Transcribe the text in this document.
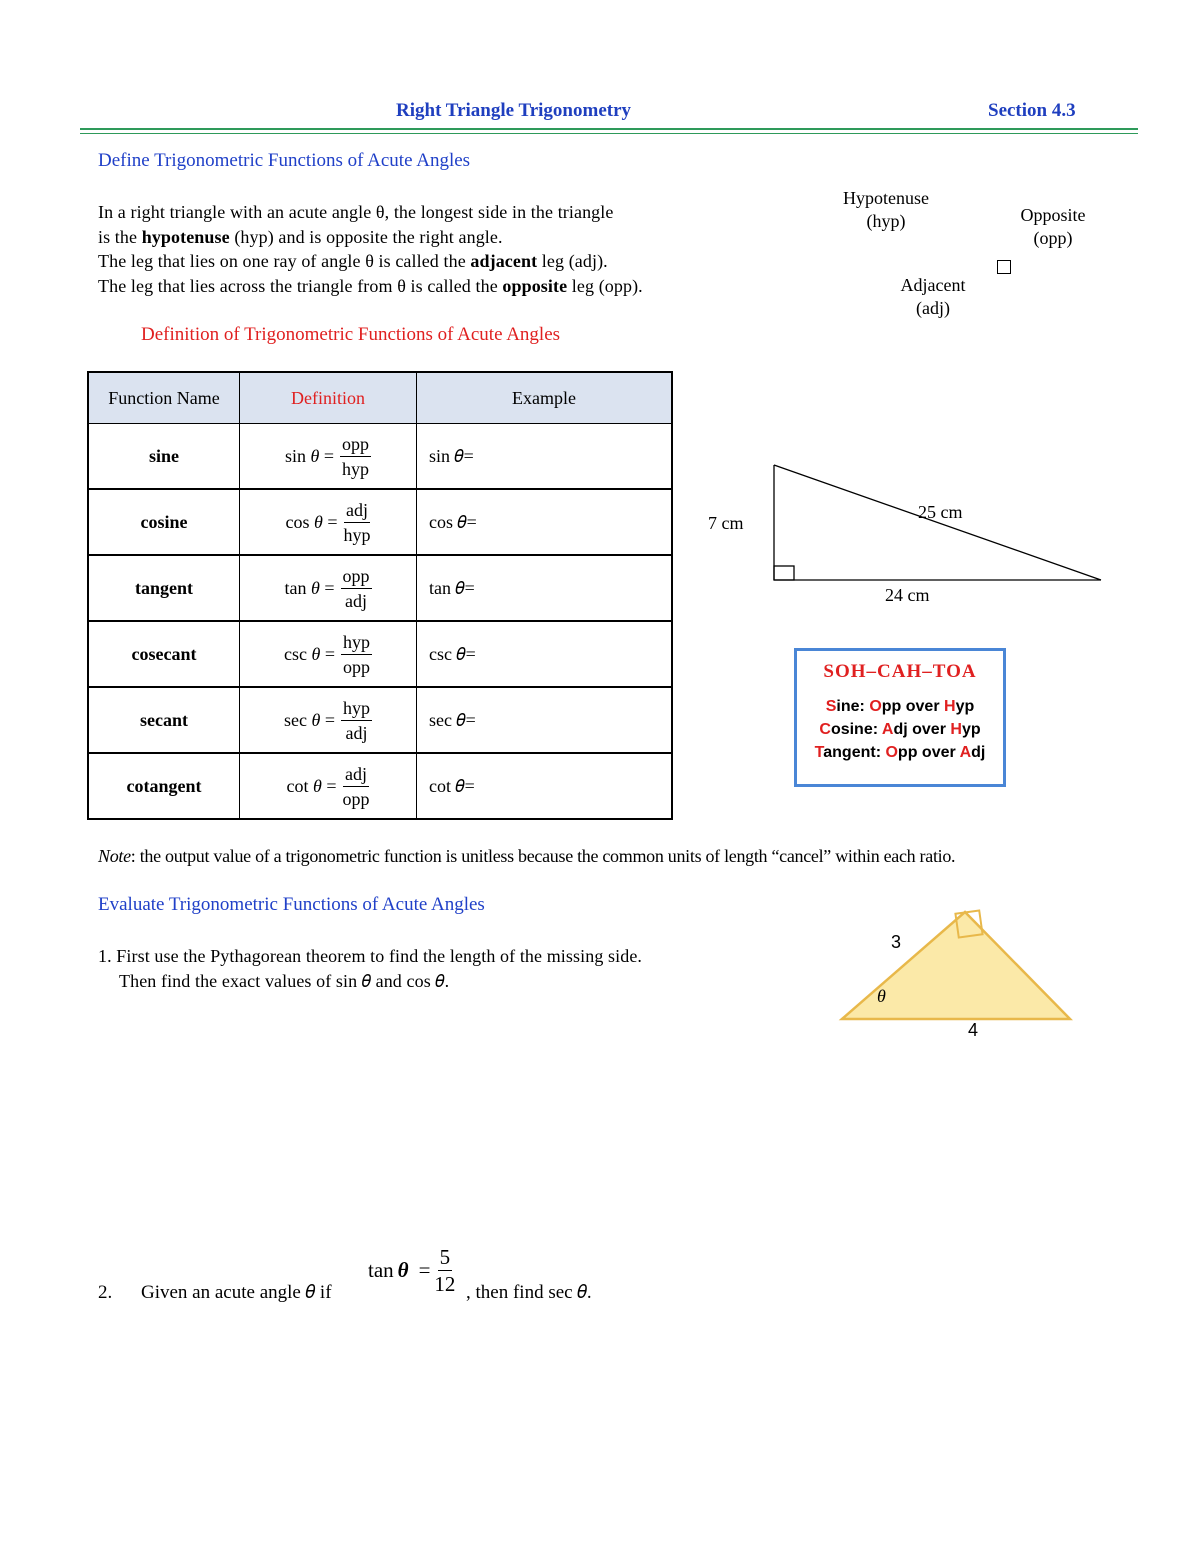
Right Triangle Trigonometry	Section 4.3
Define Trigonometric Functions of Acute Angles
In a right triangle with an acute angle θ, the longest side in the triangle
is the hypotenuse (hyp) and is opposite the right angle.
The leg that lies on one ray of angle θ is called the adjacent leg (adj).
The leg that lies across the triangle from θ is called the opposite leg (opp).
Hypotenuse
(hyp)	Opposite
(opp)
Adjacent
(adj)
Definition of Trigonometric Functions of Acute Angles
Function Name	Definition	Example
sine	$\sin \theta = \frac{\text{opp}}{\text{hyp}}$	sin 𝜃=
cosine	$\cos \theta = \frac{\text{adj}}{\text{hyp}}$	cos 𝜃=
tangent	$\tan \theta = \frac{\text{opp}}{\text{adj}}$	tan 𝜃=
cosecant	$\csc \theta = \frac{\text{hyp}}{\text{opp}}$	csc 𝜃=
secant	$\sec \theta = \frac{\text{hyp}}{\text{adj}}$	sec 𝜃=
cotangent	$\cot \theta = \frac{\text{adj}}{\text{opp}}$	cot 𝜃=
7 cm
25 cm
24 cm
SOH–CAH–TOA
Sine: Opp over Hyp
Cosine: Adj over Hyp
Tangent: Opp over Adj
Note: the output value of a trigonometric function is unitless because the common units of length “cancel” within each ratio.
Evaluate Trigonometric Functions of Acute Angles
1. First use the Pythagorean theorem to find the length of the missing side.
Then find the exact values of sin 𝜃 and cos 𝜃.
3
θ
4
2. Given an acute angle 𝜃 if
$\tan \theta = \frac{5}{12}$ , then find sec 𝜃.
